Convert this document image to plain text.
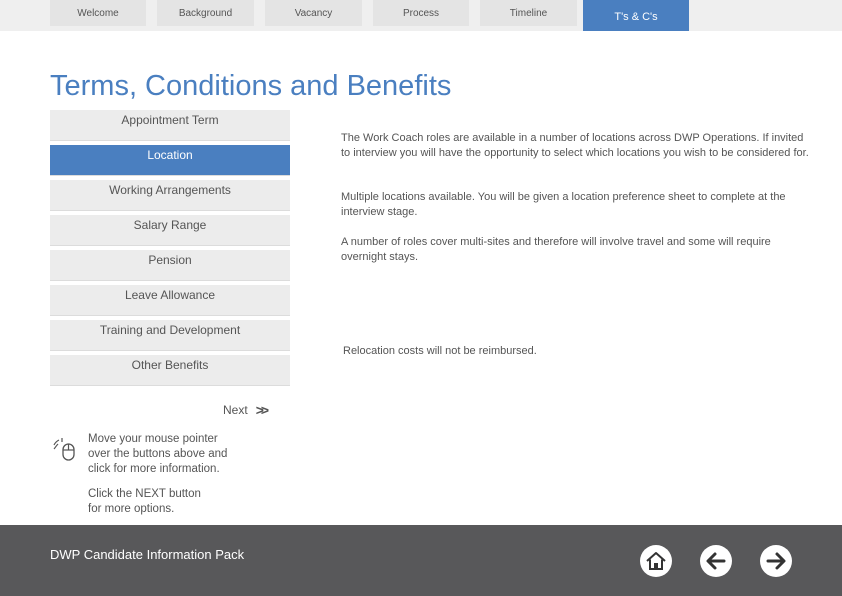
Welcome	Background	Vacancy	Process	Timeline	T's & C's
Terms, Conditions and Benefits
Appointment Term
Location
Working Arrangements
Salary Range
Pension
Leave Allowance
Training and Development
Other Benefits
The Work Coach roles are available in a number of locations across DWP Operations. If invited to interview you will have the opportunity to select which locations you wish to be considered for.
Multiple locations available. You will be given a location preference sheet to complete at the interview stage.
A number of roles cover multi-sites and therefore will involve travel and some will require overnight stays.
Relocation costs will not be reimbursed.
Next >>
Move your mouse pointer
over the buttons above and
click for more information.
Click the NEXT button
for more options.
DWP Candidate Information Pack
